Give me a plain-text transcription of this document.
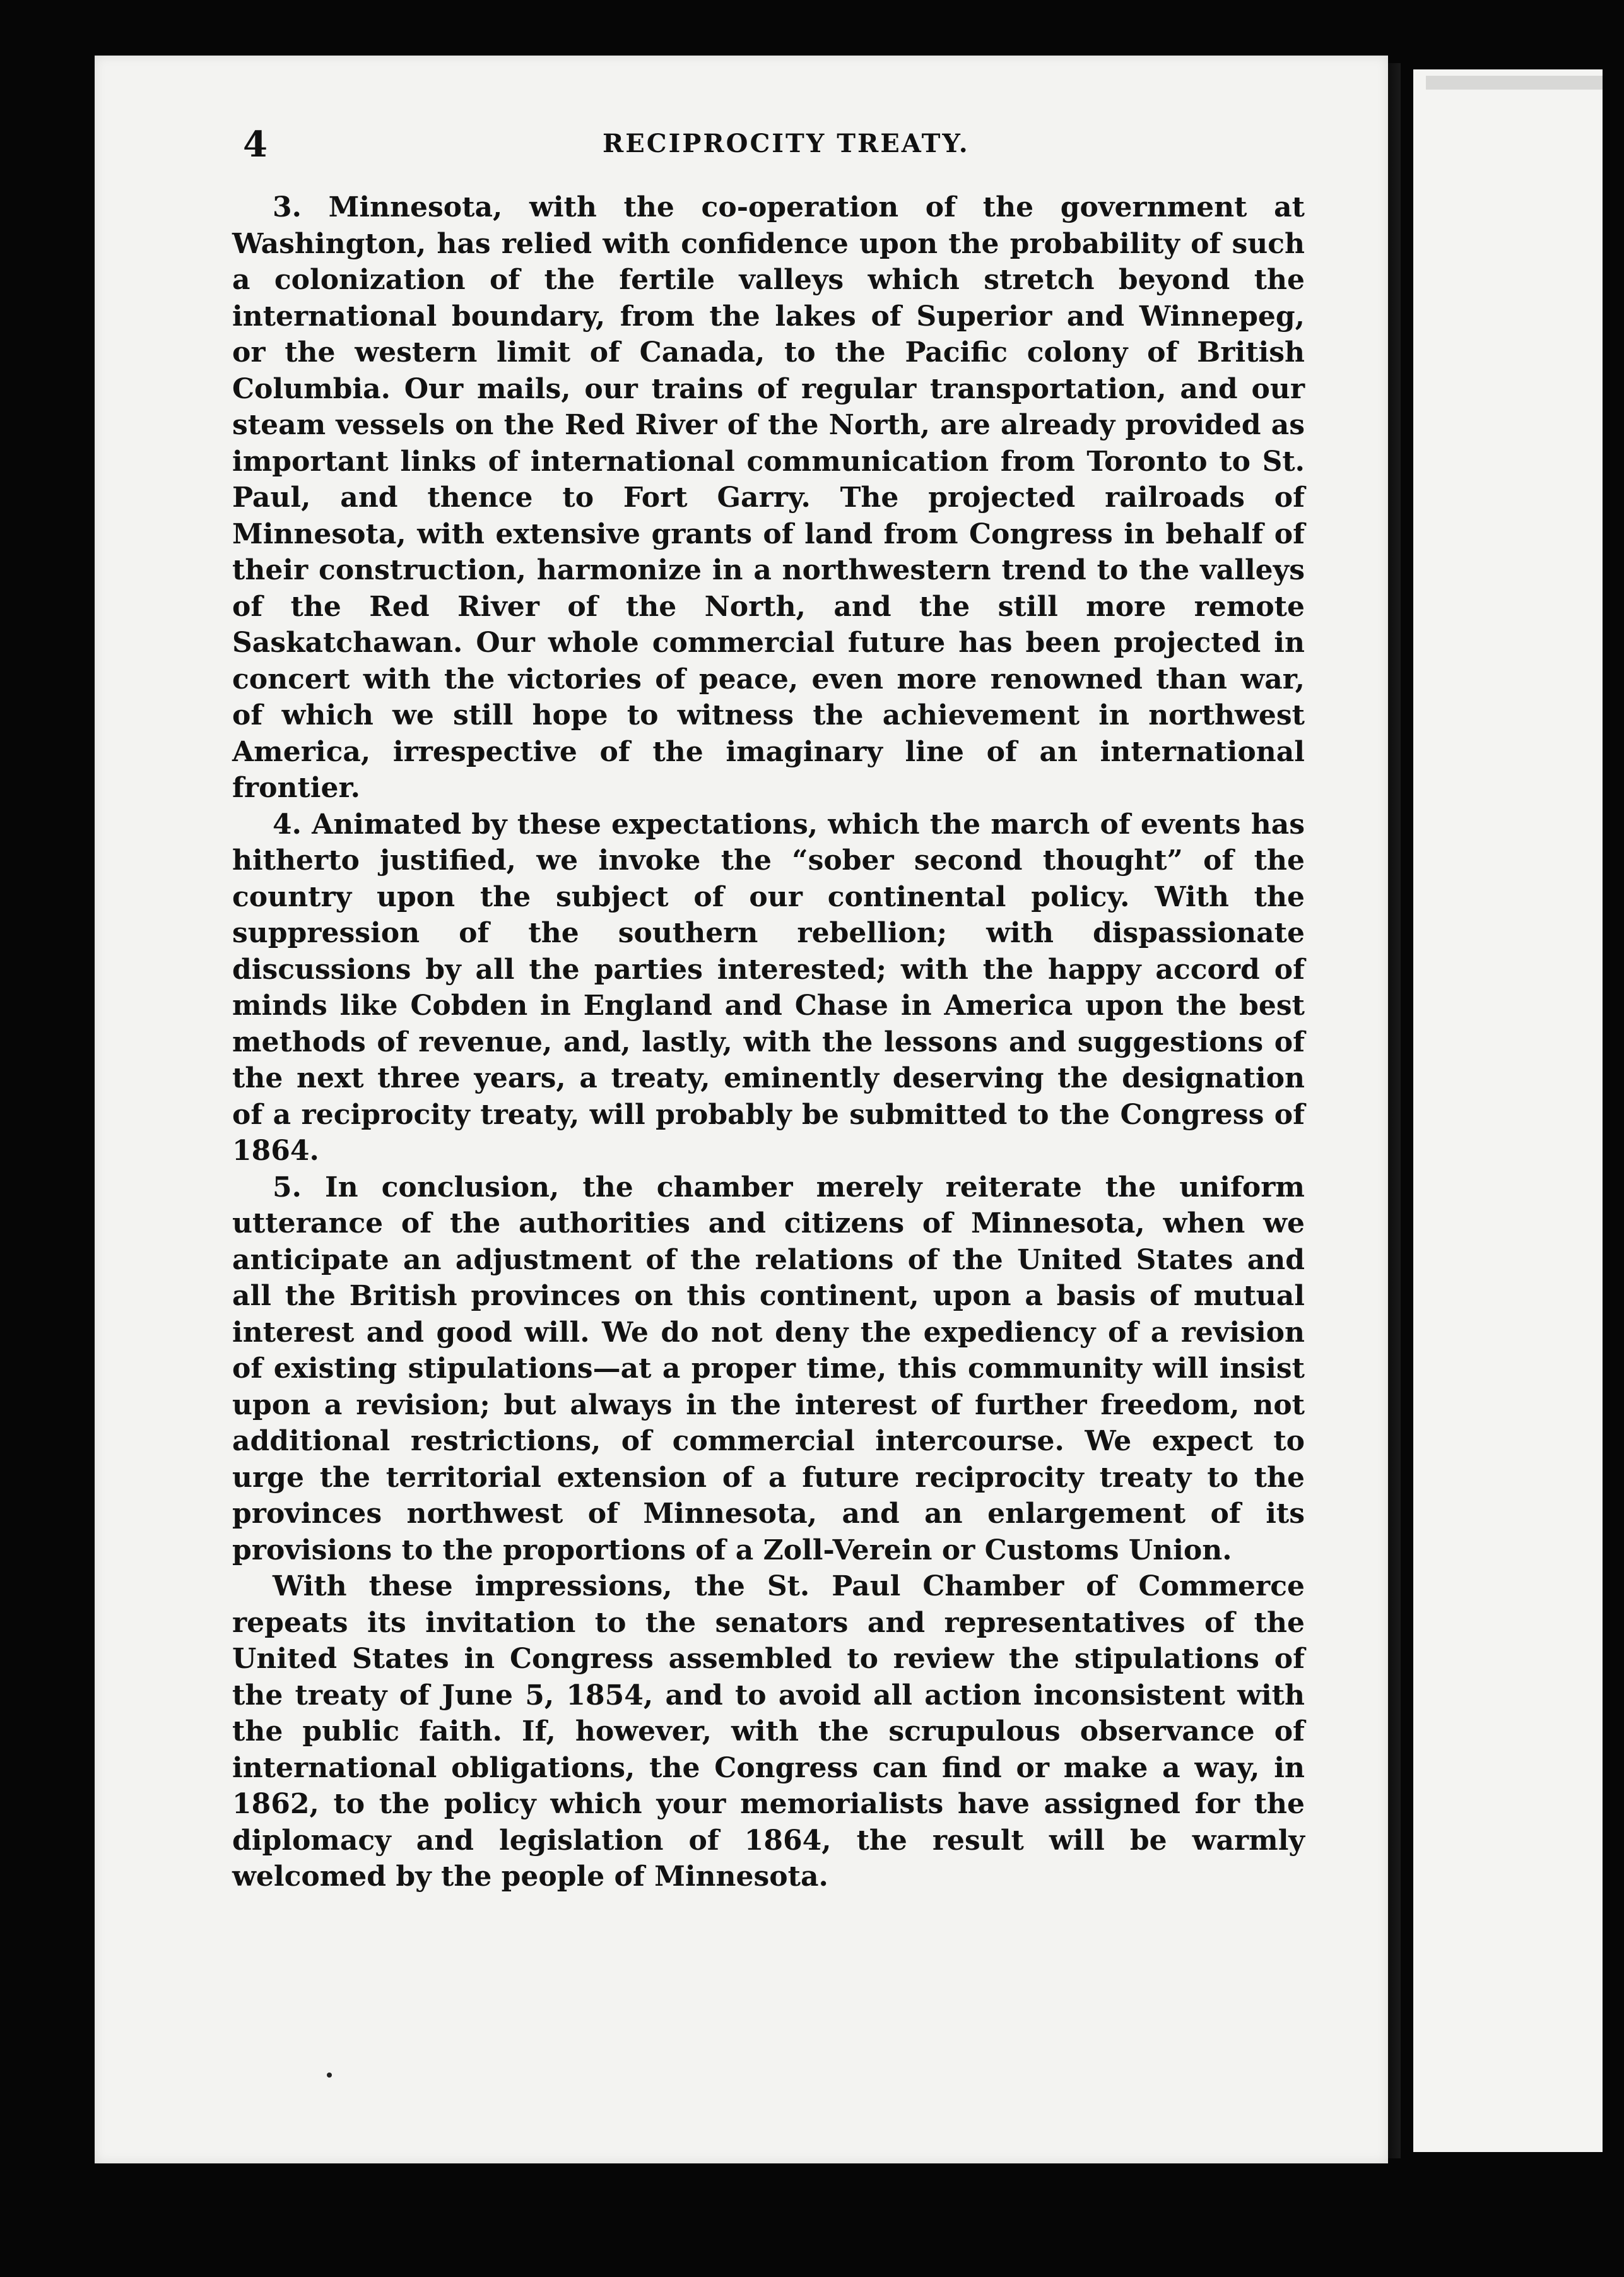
4	RECIPROCITY TREATY.

3. Minnesota, with the co-operation of the government at Washington, has relied with confidence upon the probability of such a colonization of the fertile valleys which stretch beyond the international boundary, from the lakes of Superior and Winnepeg, or the western limit of Canada, to the Pacific colony of British Columbia. Our mails, our trains of regular transportation, and our steam vessels on the Red River of the North, are already provided as important links of international communication from Toronto to St. Paul, and thence to Fort Garry. The projected railroads of Minnesota, with extensive grants of land from Congress in behalf of their construction, harmonize in a northwestern trend to the valleys of the Red River of the North, and the still more remote Saskatchawan. Our whole commercial future has been projected in concert with the victories of peace, even more renowned than war, of which we still hope to witness the achievement in northwest America, irrespective of the imaginary line of an international frontier.

4. Animated by these expectations, which the march of events has hitherto justified, we invoke the “sober second thought” of the country upon the subject of our continental policy. With the suppression of the southern rebellion; with dispassionate discussions by all the parties interested; with the happy accord of minds like Cobden in England and Chase in America upon the best methods of revenue, and, lastly, with the lessons and suggestions of the next three years, a treaty, eminently deserving the designation of a reciprocity treaty, will probably be submitted to the Congress of 1864.

5. In conclusion, the chamber merely reiterate the uniform utterance of the authorities and citizens of Minnesota, when we anticipate an adjustment of the relations of the United States and all the British provinces on this continent, upon a basis of mutual interest and good will. We do not deny the expediency of a revision of existing stipulations—at a proper time, this community will insist upon a revision; but always in the interest of further freedom, not additional restrictions, of commercial intercourse. We expect to urge the territorial extension of a future reciprocity treaty to the provinces northwest of Minnesota, and an enlargement of its provisions to the proportions of a Zoll-Verein or Customs Union.

With these impressions, the St. Paul Chamber of Commerce repeats its invitation to the senators and representatives of the United States in Congress assembled to review the stipulations of the treaty of June 5, 1854, and to avoid all action inconsistent with the public faith. If, however, with the scrupulous observance of international obligations, the Congress can find or make a way, in 1862, to the policy which your memorialists have assigned for the diplomacy and legislation of 1864, the result will be warmly welcomed by the people of Minnesota.
